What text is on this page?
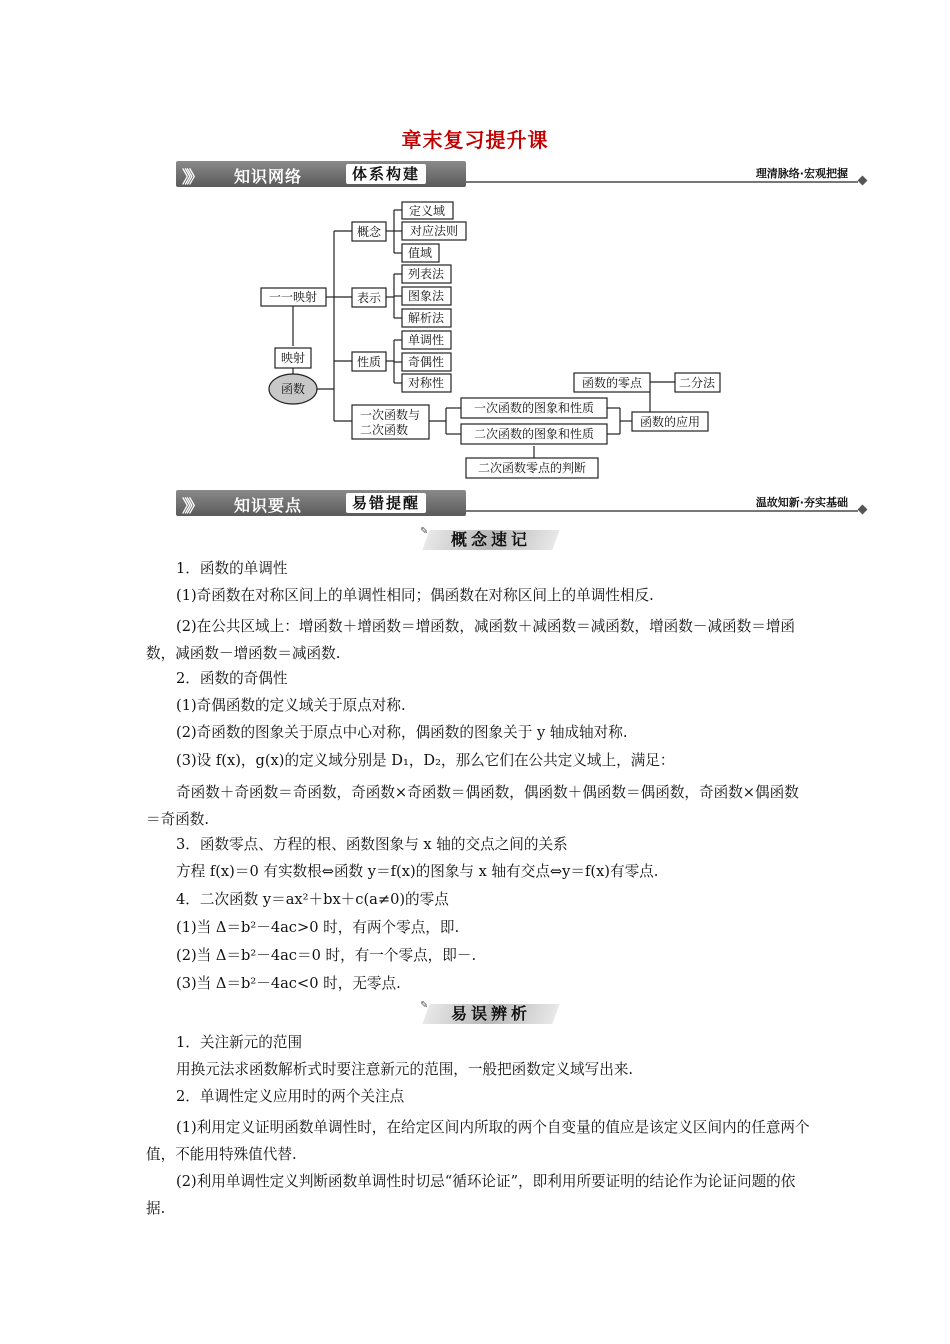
章末复习提升课
》》 知识网络	体系构建	理清脉络·宏观把握
一一映射
映射
函数
概念
表示
性质
定义域
对应法则
值域
列表法
图象法
解析法
单调性
奇偶性
对称性
一次函数与
二次函数
一次函数的图象和性质
二次函数的图象和性质
二次函数零点的判断
函数的零点	二分法
函数的应用
》》 知识要点	易错提醒	温故知新·夯实基础
✎	概念速记
1．函数的单调性
(1)奇函数在对称区间上的单调性相同；偶函数在对称区间上的单调性相反.
(2)在公共区域上：增函数＋增函数＝增函数，减函数＋减函数＝减函数，增函数－减函数＝增函数，减函数－增函数＝减函数.
2．函数的奇偶性
(1)奇偶函数的定义域关于原点对称.
(2)奇函数的图象关于原点中心对称，偶函数的图象关于 y 轴成轴对称.
(3)设 f(x)，g(x)的定义域分别是 D₁，D₂，那么它们在公共定义域上，满足：
奇函数＋奇函数＝奇函数，奇函数×奇函数＝偶函数，偶函数＋偶函数＝偶函数，奇函数×偶函数＝奇函数.
3．函数零点、方程的根、函数图象与 x 轴的交点之间的关系
方程 f(x)＝0 有实数根⇔函数 y＝f(x)的图象与 x 轴有交点⇔y＝f(x)有零点.
4．二次函数 y＝ax²＋bx＋c(a≠0)的零点
(1)当 Δ＝b²－4ac>0 时，有两个零点，即.
(2)当 Δ＝b²－4ac＝0 时，有一个零点，即－.
(3)当 Δ＝b²－4ac<0 时，无零点.
✎	易误辨析
1．关注新元的范围
用换元法求函数解析式时要注意新元的范围，一般把函数定义域写出来.
2．单调性定义应用时的两个关注点
(1)利用定义证明函数单调性时，在给定区间内所取的两个自变量的值应是该定义区间内的任意两个值，不能用特殊值代替.
(2)利用单调性定义判断函数单调性时切忌“循环论证”，即利用所要证明的结论作为论证问题的依据.
